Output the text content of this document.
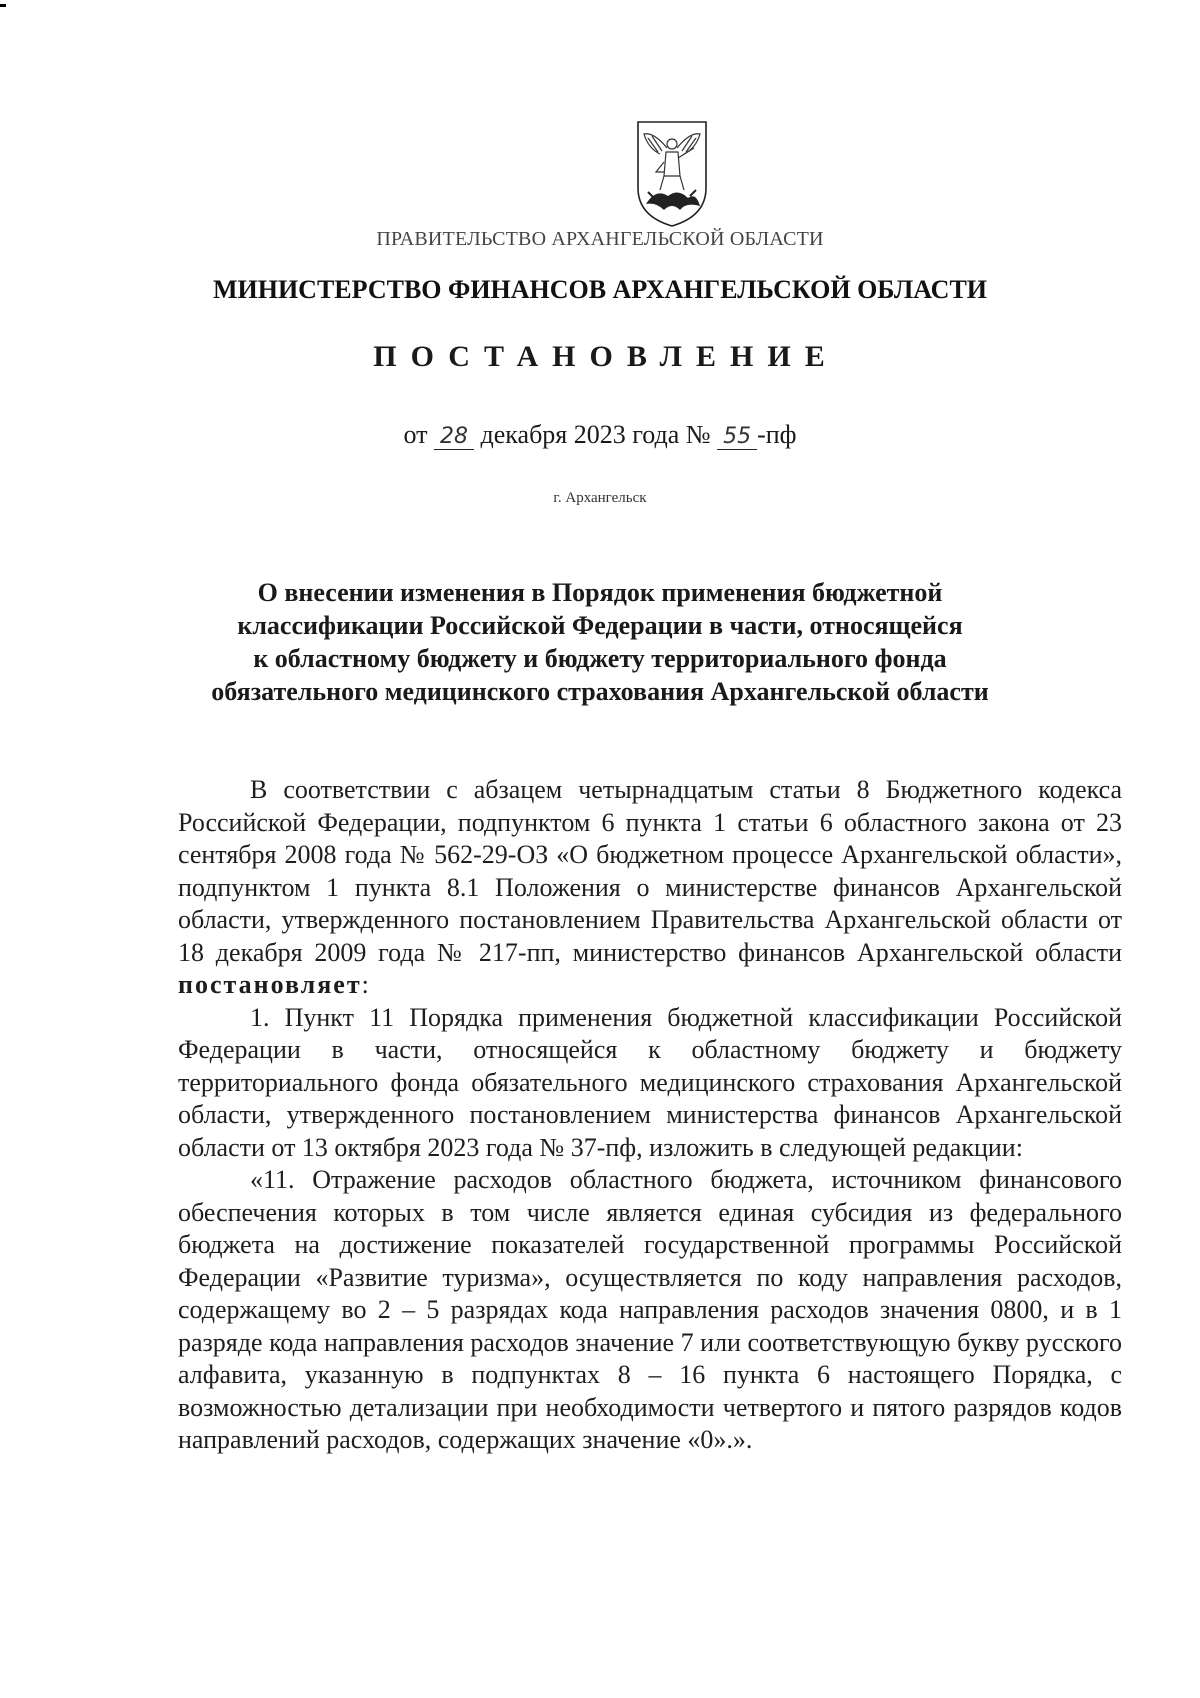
ПРАВИТЕЛЬСТВО АРХАНГЕЛЬСКОЙ ОБЛАСТИ
МИНИСТЕРСТВО ФИНАНСОВ АРХАНГЕЛЬСКОЙ ОБЛАСТИ
ПОСТАНОВЛЕНИЕ
от 28 декабря 2023 года № 55 -пф
г. Архангельск
О внесении изменения в Порядок применения бюджетной
классификации Российской Федерации в части, относящейся
к областному бюджету и бюджету территориального фонда
обязательного медицинского страхования Архангельской области

В соответствии с абзацем четырнадцатым статьи 8 Бюджетного кодекса Российской Федерации, подпунктом 6 пункта 1 статьи 6 областного закона от 23 сентября 2008 года № 562-29-ОЗ «О бюджетном процессе Архангельской области», подпунктом 1 пункта 8.1 Положения о министерстве финансов Архангельской области, утвержденного постановлением Правительства Архангельской области от 18 декабря 2009 года № 217-пп, министерство финансов Архангельской области постановляет:

1. Пункт 11 Порядка применения бюджетной классификации Российской Федерации в части, относящейся к областному бюджету и бюджету территориального фонда обязательного медицинского страхования Архангельской области, утвержденного постановлением министерства финансов Архангельской области от 13 октября 2023 года № 37-пф, изложить в следующей редакции:

«11. Отражение расходов областного бюджета, источником финансового обеспечения которых в том числе является единая субсидия из федерального бюджета на достижение показателей государственной программы Российской Федерации «Развитие туризма», осуществляется по коду направления расходов, содержащему во 2 – 5 разрядах кода направления расходов значения 0800, и в 1 разряде кода направления расходов значение 7 или соответствующую букву русского алфавита, указанную в подпунктах 8 – 16 пункта 6 настоящего Порядка, с возможностью детализации при необходимости четвертого и пятого разрядов кодов направлений расходов, содержащих значение «0».».
